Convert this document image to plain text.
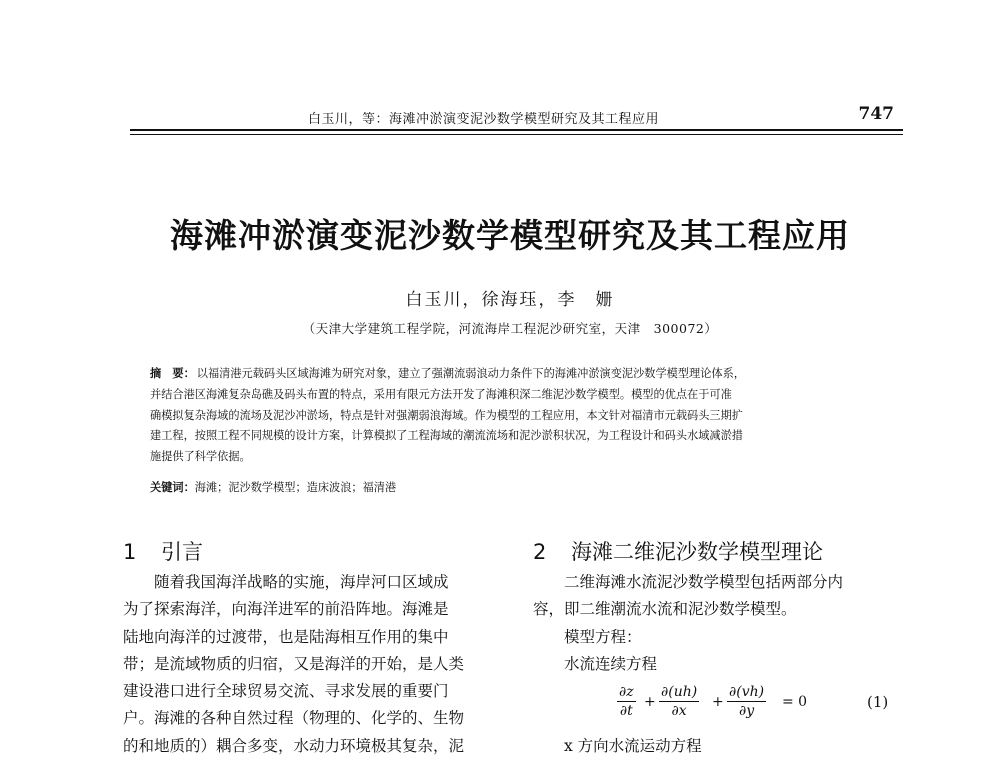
白玉川，等：海滩冲淤演变泥沙数学模型研究及其工程应用	747
海滩冲淤演变泥沙数学模型研究及其工程应用
白玉川，徐海珏，李　姗
（天津大学建筑工程学院，河流海岸工程泥沙研究室，天津　300072）
摘　要： 以福清港元载码头区域海滩为研究对象，建立了强潮流弱浪动力条件下的海滩冲淤演变泥沙数学模型理论体系，
并结合港区海滩复杂岛礁及码头布置的特点，采用有限元方法开发了海滩积深二维泥沙数学模型。模型的优点在于可准
确模拟复杂海域的流场及泥沙冲淤场，特点是针对强潮弱浪海域。作为模型的工程应用，本文针对福清市元载码头三期扩
建工程，按照工程不同规模的设计方案，计算模拟了工程海域的潮流流场和泥沙淤积状况，为工程设计和码头水域减淤措
施提供了科学依据。
关键词：海滩；泥沙数学模型；造床波浪；福清港
1 引言	2 海滩二维泥沙数学模型理论
　　随着我国海洋战略的实施，海岸河口区域成
为了探索海洋，向海洋进军的前沿阵地。海滩是
陆地向海洋的过渡带，也是陆海相互作用的集中
带；是流域物质的归宿，又是海洋的开始，是人类
建设港口进行全球贸易交流、寻求发展的重要门
户。海滩的各种自然过程（物理的、化学的、生物
的和地质的）耦合多变，水动力环境极其复杂，泥
　　二维海滩水流泥沙数学模型包括两部分内
容，即二维潮流水流和泥沙数学模型。
　　模型方程：
　　水流连续方程
　　x 方向水流运动方程
$\frac{\partial z}{\partial t} + \frac{\partial(uh)}{\partial x} + \frac{\partial(vh)}{\partial y} = 0$	(1)
